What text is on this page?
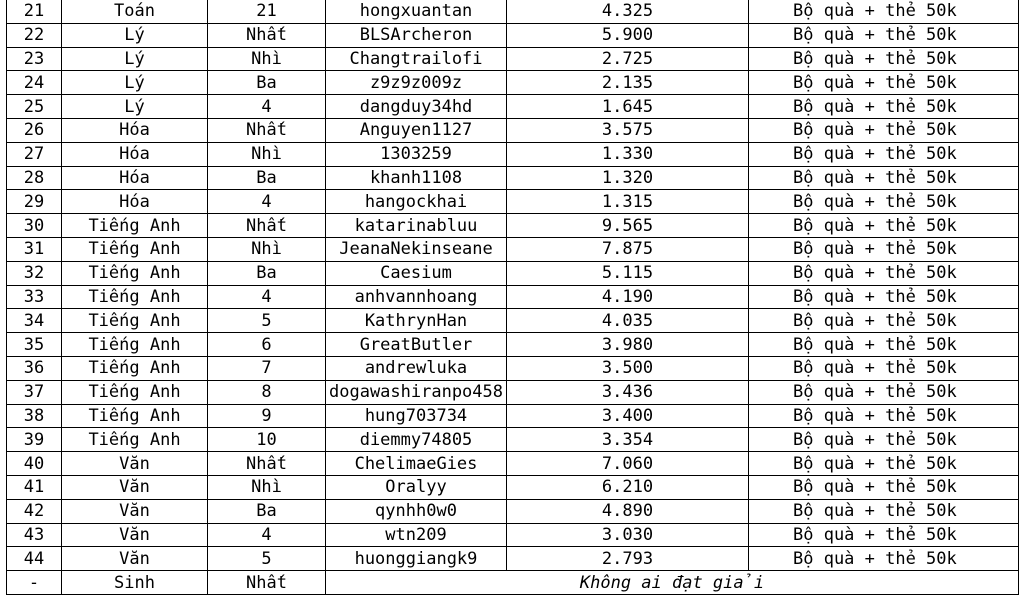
21	Toán	21	hongxuantan	4.325	Bộ quà + thẻ 50k
22	Lý	Nhất	BLSArcheron	5.900	Bộ quà + thẻ 50k
23	Lý	Nhì	Changtrailofi	2.725	Bộ quà + thẻ 50k
24	Lý	Ba	z9z9z009z	2.135	Bộ quà + thẻ 50k
25	Lý	4	dangduy34hd	1.645	Bộ quà + thẻ 50k
26	Hóa	Nhất	Anguyen1127	3.575	Bộ quà + thẻ 50k
27	Hóa	Nhì	1303259	1.330	Bộ quà + thẻ 50k
28	Hóa	Ba	khanh1108	1.320	Bộ quà + thẻ 50k
29	Hóa	4	hangockhai	1.315	Bộ quà + thẻ 50k
30	Tiếng Anh	Nhất	katarinabluu	9.565	Bộ quà + thẻ 50k
31	Tiếng Anh	Nhì	JeanaNekinseane	7.875	Bộ quà + thẻ 50k
32	Tiếng Anh	Ba	Caesium	5.115	Bộ quà + thẻ 50k
33	Tiếng Anh	4	anhvannhoang	4.190	Bộ quà + thẻ 50k
34	Tiếng Anh	5	KathrynHan	4.035	Bộ quà + thẻ 50k
35	Tiếng Anh	6	GreatButler	3.980	Bộ quà + thẻ 50k
36	Tiếng Anh	7	andrewluka	3.500	Bộ quà + thẻ 50k
37	Tiếng Anh	8	dogawashiranpo458	3.436	Bộ quà + thẻ 50k
38	Tiếng Anh	9	hung703734	3.400	Bộ quà + thẻ 50k
39	Tiếng Anh	10	diemmy74805	3.354	Bộ quà + thẻ 50k
40	Văn	Nhất	ChelimaeGies	7.060	Bộ quà + thẻ 50k
41	Văn	Nhì	Oralyy	6.210	Bộ quà + thẻ 50k
42	Văn	Ba	qynhh0w0	4.890	Bộ quà + thẻ 50k
43	Văn	4	wtn209	3.030	Bộ quà + thẻ 50k
44	Văn	5	huonggiangk9	2.793	Bộ quà + thẻ 50k
-	Sinh	Nhất	Không ai đạt giải		
